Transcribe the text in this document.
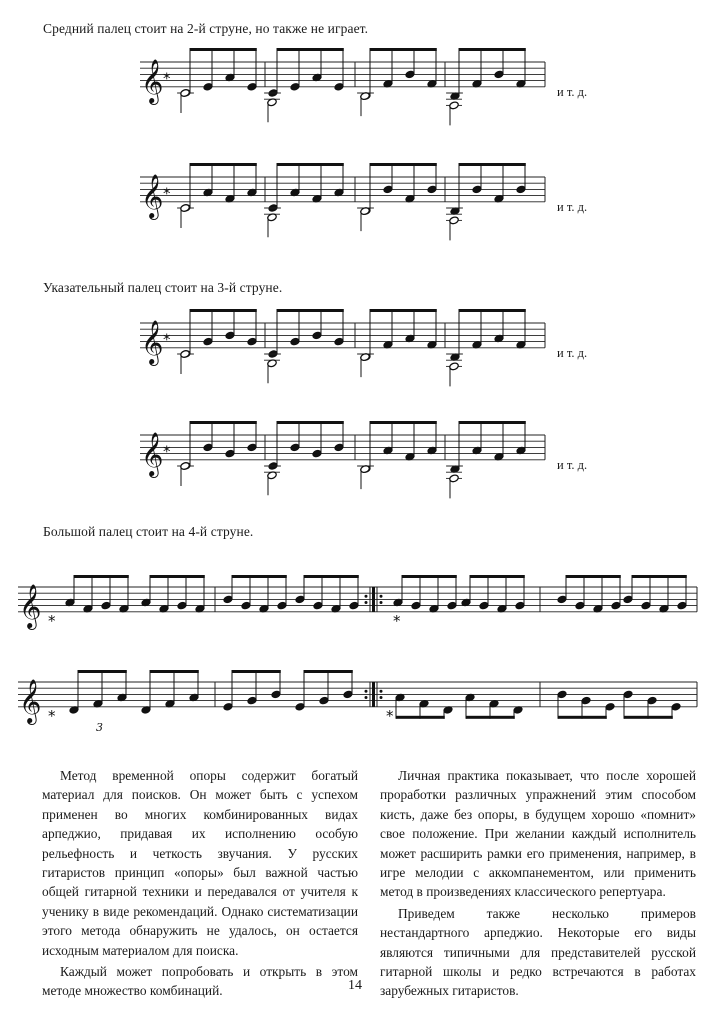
Средний палец стоит на 2-й струне, но также не играет.
𝄞 *
и т. д.
𝄞 *
и т. д.
Указательный палец стоит на 3-й струне.
𝄞 *
и т. д.
𝄞 *
и т. д.
Большой палец стоит на 4-й струне.
𝄞 *	*
𝄞 *	*
3

Метод временной опоры содержит богатый материал для поисков. Он может быть с успехом применен во многих комбинированных видах арпеджио, придавая их исполнению особую рельефность и четкость звучания. У русских гитаристов принцип «опоры» был важной частью общей гитарной техники и передавался от учителя к ученику в виде рекомендаций. Однако систематизации этого метода обнаружить не удалось, он остается исходным материалом для поиска.

Каждый может попробовать и открыть в этом методе множество комбинаций.

Личная практика показывает, что после хорошей проработки различных упражнений этим способом кисть, даже без опоры, в будущем хорошо «помнит» свое положение. При желании каждый исполнитель может расширить рамки его применения, например, в игре мелодии с аккомпанементом, или применить метод в произведениях классического репертуара.

Приведем также несколько примеров нестандартного арпеджио. Некоторые его виды являются типичными для представителей русской гитарной школы и редко встречаются в работах зарубежных гитаристов.

14
